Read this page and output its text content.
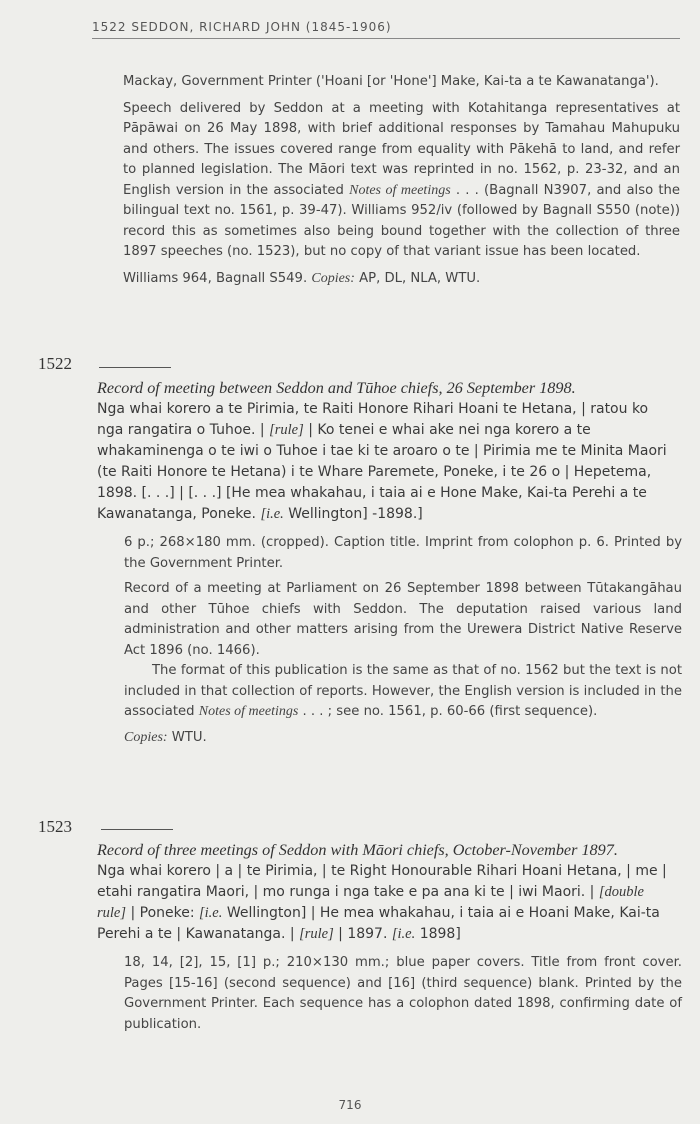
1522 SEDDON, RICHARD JOHN (1845-1906)

Mackay, Government Printer ('Hoani [or 'Hone'] Make, Kai-ta a te Kawanatanga').

Speech delivered by Seddon at a meeting with Kotahitanga representatives at Pāpāwai on 26 May 1898, with brief additional responses by Tamahau Mahupuku and others. The issues covered range from equality with Pākehā to land, and refer to planned legislation. The Māori text was reprinted in no. 1562, p. 23-32, and an English version in the associated Notes of meetings . . . (Bagnall N3907, and also the bilingual text no. 1561, p. 39-47). Williams 952/iv (followed by Bagnall S550 (note)) record this as sometimes also being bound together with the collection of three 1897 speeches (no. 1523), but no copy of that variant issue has been located.

Williams 964, Bagnall S549. Copies: AP, DL, NLA, WTU.

1522

Record of meeting between Seddon and Tūhoe chiefs, 26 September 1898.

Nga whai korero a te Pirimia, te Raiti Honore Rihari Hoani te Hetana, | ratou ko nga rangatira o Tuhoe. | [rule] | Ko tenei e whai ake nei nga korero a te whakaminenga o te iwi o Tuhoe i tae ki te aroaro o te | Pirimia me te Minita Maori (te Raiti Honore te Hetana) i te Whare Paremete, Poneke, i te 26 o | Hepetema, 1898. [. . .] | [. . .] [He mea whakahau, i taia ai e Hone Make, Kai-ta Perehi a te Kawanatanga, Poneke. [i.e. Wellington] -1898.]

6 p.; 268×180 mm. (cropped). Caption title. Imprint from colophon p. 6. Printed by the Government Printer.

Record of a meeting at Parliament on 26 September 1898 between Tūtakangāhau and other Tūhoe chiefs with Seddon. The deputation raised various land administration and other matters arising from the Urewera District Native Reserve Act 1896 (no. 1466).

The format of this publication is the same as that of no. 1562 but the text is not included in that collection of reports. However, the English version is included in the associated Notes of meetings . . . ; see no. 1561, p. 60-66 (first sequence).

Copies: WTU.

1523

Record of three meetings of Seddon with Māori chiefs, October-November 1897.

Nga whai korero | a | te Pirimia, | te Right Honourable Rihari Hoani Hetana, | me | etahi rangatira Maori, | mo runga i nga take e pa ana ki te | iwi Maori. | [double rule] | Poneke: [i.e. Wellington] | He mea whakahau, i taia ai e Hoani Make, Kai-ta Perehi a te | Kawanatanga. | [rule] | 1897. [i.e. 1898]

18, 14, [2], 15, [1] p.; 210×130 mm.; blue paper covers. Title from front cover. Pages [15-16] (second sequence) and [16] (third sequence) blank. Printed by the Government Printer. Each sequence has a colophon dated 1898, confirming date of publication.

716
